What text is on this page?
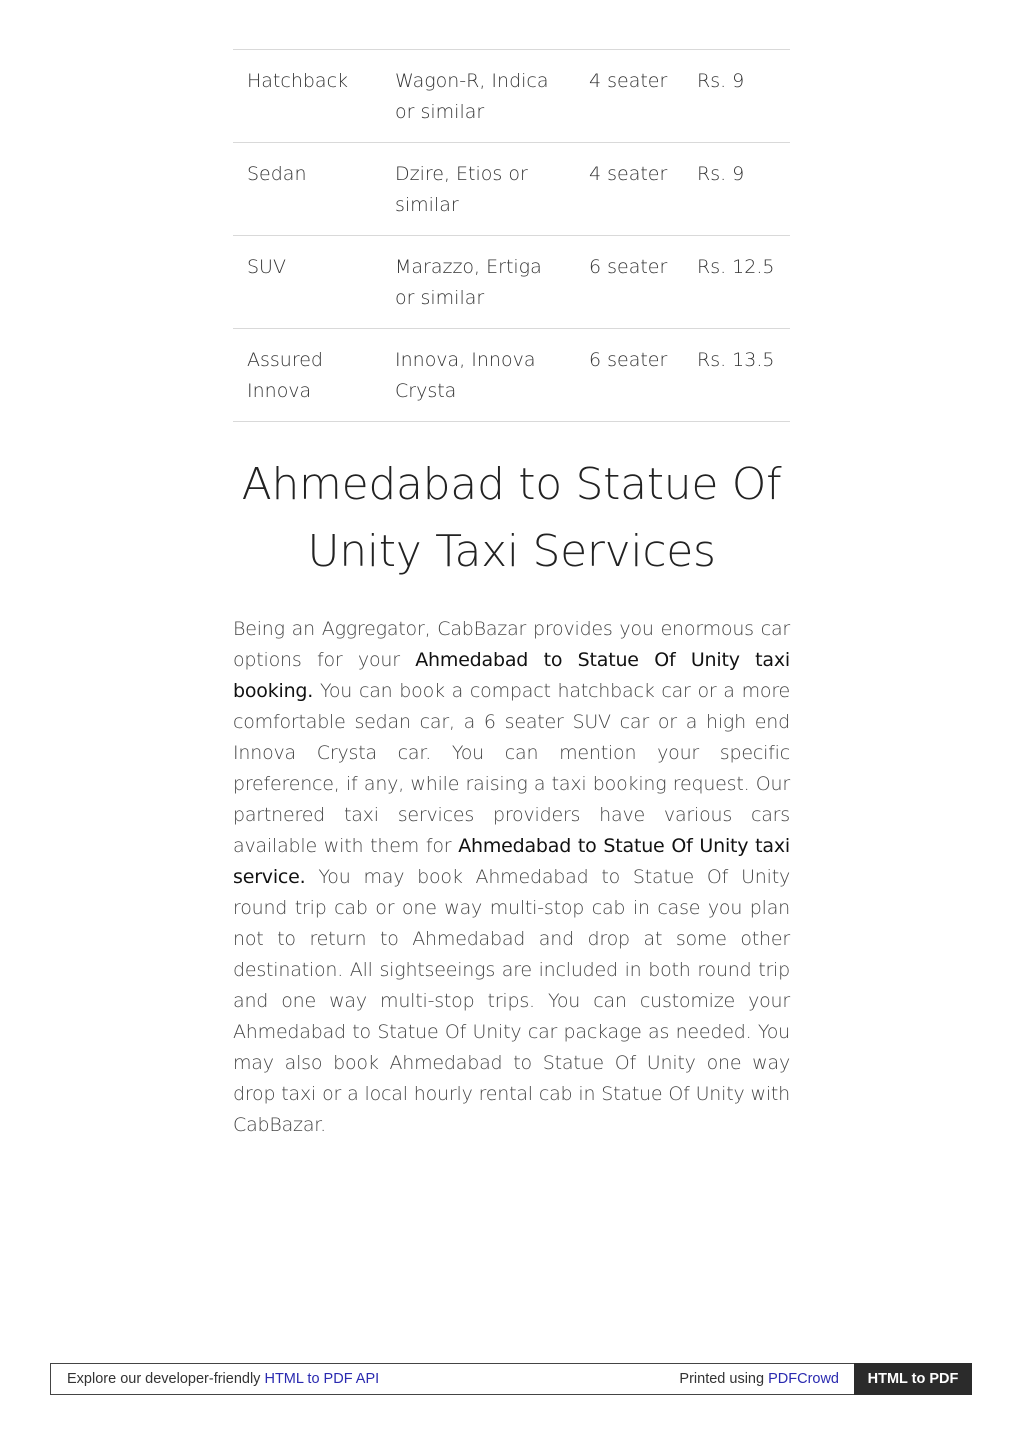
Hatchback	Wagon-R, Indica or similar	4 seater	Rs. 9
Sedan	Dzire, Etios or similar	4 seater	Rs. 9
SUV	Marazzo, Ertiga or similar	6 seater	Rs. 12.5
Assured Innova	Innova, Innova Crysta	6 seater	Rs. 13.5
Ahmedabad to Statue Of Unity Taxi Services

Being an Aggregator, CabBazar provides you enormous car options for your Ahmedabad to Statue Of Unity taxi booking. You can book a compact hatchback car or a more comfortable sedan car, a 6 seater SUV car or a high end Innova Crysta car. You can mention your specific preference, if any, while raising a taxi booking request. Our partnered taxi services providers have various cars available with them for Ahmedabad to Statue Of Unity taxi service. You may book Ahmedabad to Statue Of Unity round trip cab or one way multi-stop cab in case you plan not to return to Ahmedabad and drop at some other destination. All sightseeings are included in both round trip and one way multi-stop trips. You can customize your Ahmedabad to Statue Of Unity car package as needed. You may also book Ahmedabad to Statue Of Unity one way drop taxi or a local hourly rental cab in Statue Of Unity with CabBazar.

Explore our developer-friendly HTML to PDF API	Printed using PDFCrowd	HTML to PDF
